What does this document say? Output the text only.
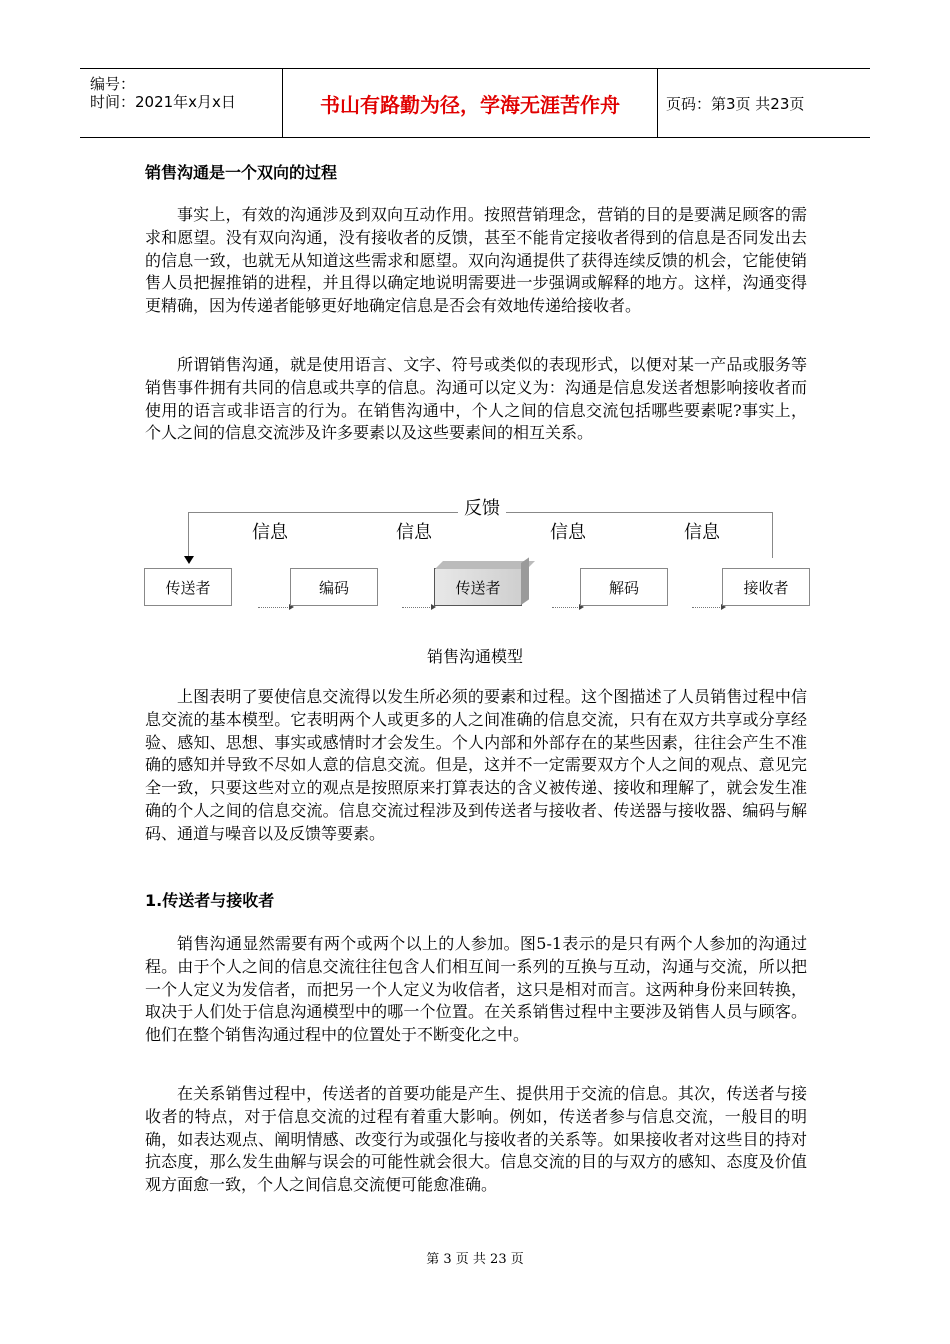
编号：
时间：2021年x月x日	书山有路勤为径，学海无涯苦作舟	页码：第3页 共23页
销售沟通是一个双向的过程

事实上，有效的沟通涉及到双向互动作用。按照营销理念，营销的目的是要满足顾客的需求和愿望。没有双向沟通，没有接收者的反馈，甚至不能肯定接收者得到的信息是否同发出去的信息一致，也就无从知道这些需求和愿望。双向沟通提供了获得连续反馈的机会，它能使销售人员把握推销的进程，并且得以确定地说明需要进一步强调或解释的地方。这样，沟通变得更精确，因为传递者能够更好地确定信息是否会有效地传递给接收者。

所谓销售沟通，就是使用语言、文字、符号或类似的表现形式，以便对某一产品或服务等销售事件拥有共同的信息或共享的信息。沟通可以定义为：沟通是信息发送者想影响接收者而使用的语言或非语言的行为。在销售沟通中，个人之间的信息交流包括哪些要素呢?事实上，个人之间的信息交流涉及许多要素以及这些要素间的相互关系。

反馈
信息	信息	信息	信息
传送者	编码	传送者	解码	接收者
销售沟通模型

上图表明了要使信息交流得以发生所必须的要素和过程。这个图描述了人员销售过程中信息交流的基本模型。它表明两个人或更多的人之间准确的信息交流，只有在双方共享或分享经验、感知、思想、事实或感情时才会发生。个人内部和外部存在的某些因素，往往会产生不准确的感知并导致不尽如人意的信息交流。但是，这并不一定需要双方个人之间的观点、意见完全一致，只要这些对立的观点是按照原来打算表达的含义被传递、接收和理解了，就会发生准确的个人之间的信息交流。信息交流过程涉及到传送者与接收者、传送器与接收器、编码与解码、通道与噪音以及反馈等要素。

1.传送者与接收者

销售沟通显然需要有两个或两个以上的人参加。图5-1表示的是只有两个人参加的沟通过程。由于个人之间的信息交流往往包含人们相互间一系列的互换与互动，沟通与交流，所以把一个人定义为发信者，而把另一个人定义为收信者，这只是相对而言。这两种身份来回转换，取决于人们处于信息沟通模型中的哪一个位置。在关系销售过程中主要涉及销售人员与顾客。他们在整个销售沟通过程中的位置处于不断变化之中。

在关系销售过程中，传送者的首要功能是产生、提供用于交流的信息。其次，传送者与接收者的特点，对于信息交流的过程有着重大影响。例如，传送者参与信息交流，一般目的明确，如表达观点、阐明情感、改变行为或强化与接收者的关系等。如果接收者对这些目的持对抗态度，那么发生曲解与误会的可能性就会很大。信息交流的目的与双方的感知、态度及价值观方面愈一致，个人之间信息交流便可能愈准确。

第 3 页 共 23 页
